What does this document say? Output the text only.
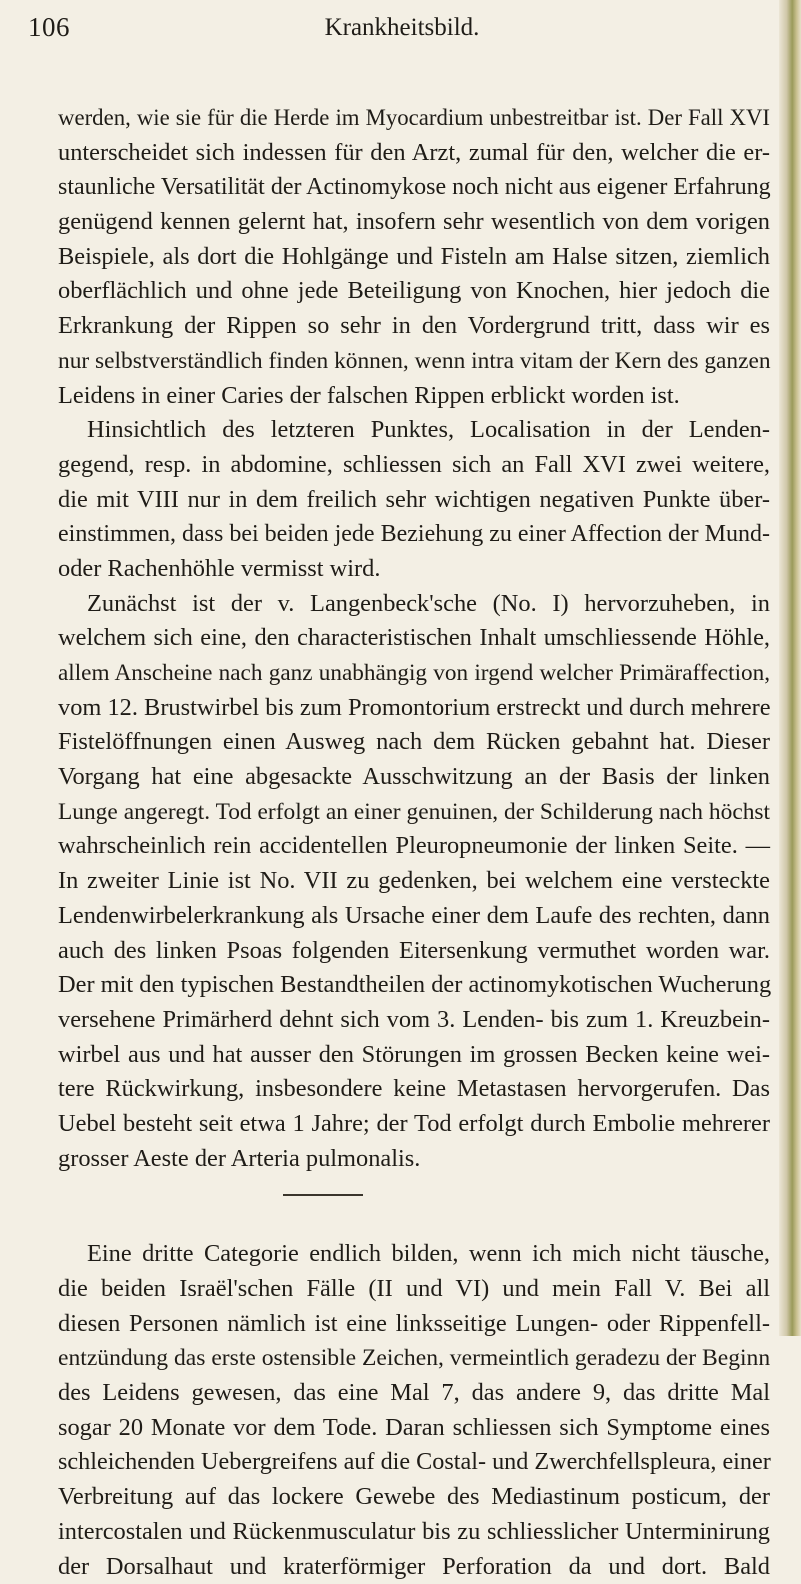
106	Krankheitsbild.
werden, wie sie für die Herde im Myocardium unbestreitbar ist. Der Fall XVI
unterscheidet sich indessen für den Arzt, zumal für den, welcher die er-
staunliche Versatilität der Actinomykose noch nicht aus eigener Erfahrung
genügend kennen gelernt hat, insofern sehr wesentlich von dem vorigen
Beispiele, als dort die Hohlgänge und Fisteln am Halse sitzen, ziemlich
oberflächlich und ohne jede Beteiligung von Knochen, hier jedoch die
Erkrankung der Rippen so sehr in den Vordergrund tritt, dass wir es
nur selbstverständlich finden können, wenn intra vitam der Kern des ganzen
Leidens in einer Caries der falschen Rippen erblickt worden ist.
Hinsichtlich des letzteren Punktes, Localisation in der Lenden-
gegend, resp. in abdomine, schliessen sich an Fall XVI zwei weitere,
die mit VIII nur in dem freilich sehr wichtigen negativen Punkte über-
einstimmen, dass bei beiden jede Beziehung zu einer Affection der Mund-
oder Rachenhöhle vermisst wird.
Zunächst ist der v. Langenbeck'sche (No. I) hervorzuheben, in
welchem sich eine, den characteristischen Inhalt umschliessende Höhle,
allem Anscheine nach ganz unabhängig von irgend welcher Primäraffection,
vom 12. Brustwirbel bis zum Promontorium erstreckt und durch mehrere
Fistelöffnungen einen Ausweg nach dem Rücken gebahnt hat. Dieser
Vorgang hat eine abgesackte Ausschwitzung an der Basis der linken
Lunge angeregt. Tod erfolgt an einer genuinen, der Schilderung nach höchst
wahrscheinlich rein accidentellen Pleuropneumonie der linken Seite. —
In zweiter Linie ist No. VII zu gedenken, bei welchem eine versteckte
Lendenwirbelerkrankung als Ursache einer dem Laufe des rechten, dann
auch des linken Psoas folgenden Eitersenkung vermuthet worden war.
Der mit den typischen Bestandtheilen der actinomykotischen Wucherung
versehene Primärherd dehnt sich vom 3. Lenden- bis zum 1. Kreuzbein-
wirbel aus und hat ausser den Störungen im grossen Becken keine wei-
tere Rückwirkung, insbesondere keine Metastasen hervorgerufen. Das
Uebel besteht seit etwa 1 Jahre; der Tod erfolgt durch Embolie mehrerer
grosser Aeste der Arteria pulmonalis.
Eine dritte Categorie endlich bilden, wenn ich mich nicht täusche,
die beiden Israël'schen Fälle (II und VI) und mein Fall V. Bei all
diesen Personen nämlich ist eine linksseitige Lungen- oder Rippenfell-
entzündung das erste ostensible Zeichen, vermeintlich geradezu der Beginn
des Leidens gewesen, das eine Mal 7, das andere 9, das dritte Mal
sogar 20 Monate vor dem Tode. Daran schliessen sich Symptome eines
schleichenden Uebergreifens auf die Costal- und Zwerchfellspleura, einer
Verbreitung auf das lockere Gewebe des Mediastinum posticum, der
intercostalen und Rückenmusculatur bis zu schliesslicher Unterminirung
der Dorsalhaut und kraterförmiger Perforation da und dort. Bald
